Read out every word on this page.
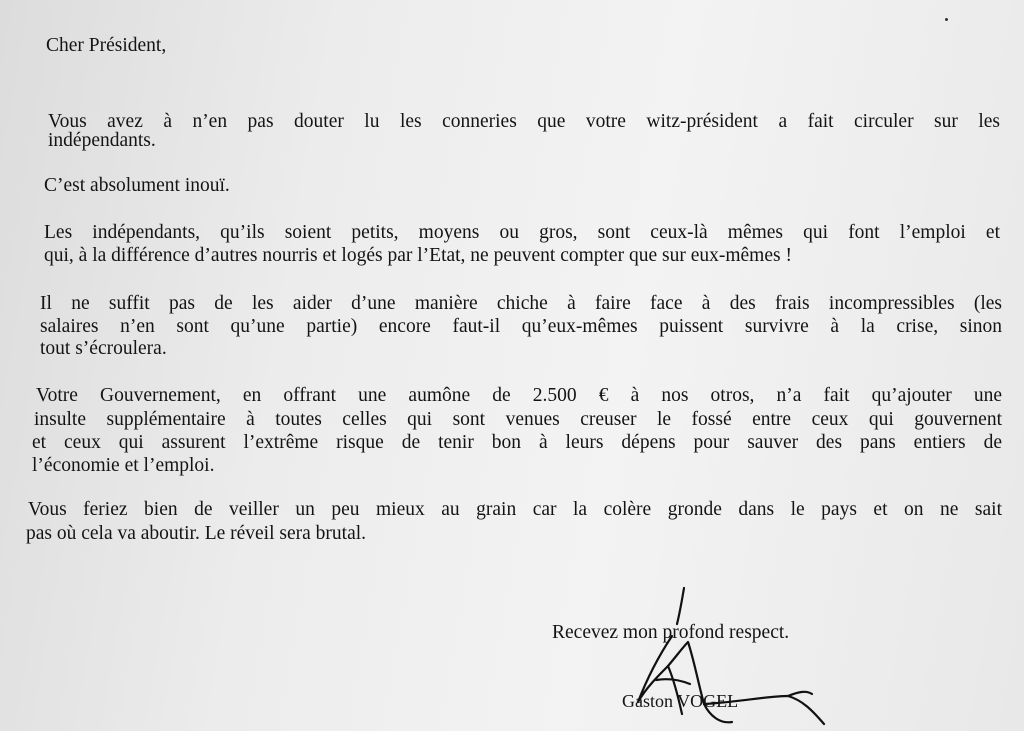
Cher Président,
Vous avez à n’en pas douter lu les conneries que votre witz-président a fait circuler sur les
indépendants.
C’est absolument inouï.
Les indépendants, qu’ils soient petits, moyens ou gros, sont ceux-là mêmes qui font l’emploi et
qui, à la différence d’autres nourris et logés par l’Etat, ne peuvent compter que sur eux-mêmes !
Il ne suffit pas de les aider d’une manière chiche à faire face à des frais incompressibles (les
salaires n’en sont qu’une partie) encore faut-il qu’eux-mêmes puissent survivre à la crise, sinon
tout s’écroulera.
Votre Gouvernement, en offrant une aumône de 2.500 € à nos otros, n’a fait qu’ajouter une
insulte supplémentaire à toutes celles qui sont venues creuser le fossé entre ceux qui gouvernent
et ceux qui assurent l’extrême risque de tenir bon à leurs dépens pour sauver des pans entiers de
l’économie et l’emploi.
Vous feriez bien de veiller un peu mieux au grain car la colère gronde dans le pays et on ne sait
pas où cela va aboutir. Le réveil sera brutal.
Recevez mon profond respect.
Gaston VOGEL
